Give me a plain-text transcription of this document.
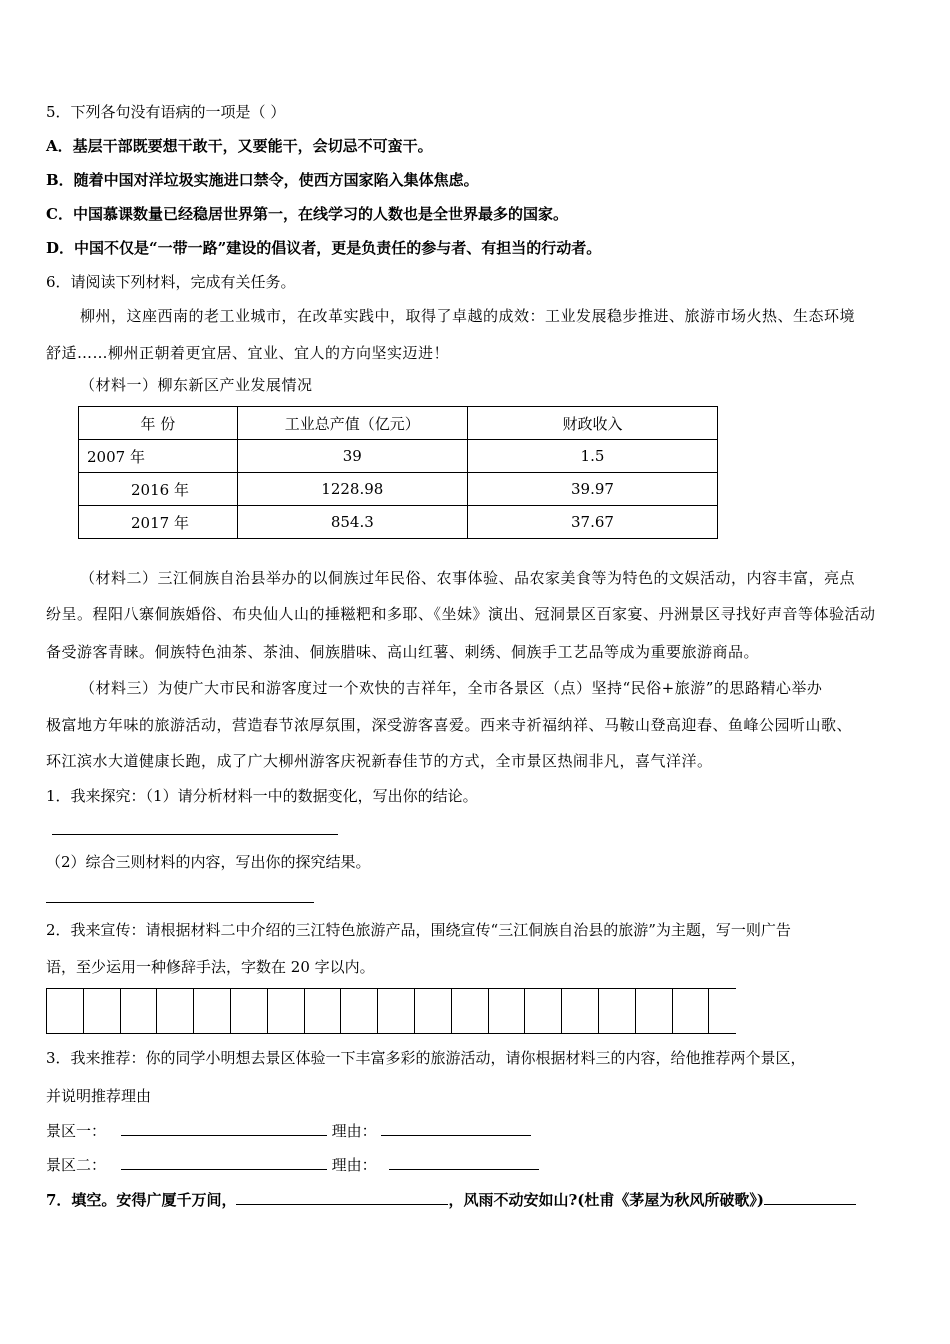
5．下列各句没有语病的一项是（ ）
A．基层干部既要想干敢干，又要能干，会切忌不可蛮干。
B．随着中国对洋垃圾实施进口禁令，使西方国家陷入集体焦虑。
C．中国慕课数量已经稳居世界第一，在线学习的人数也是全世界最多的国家。
D．中国不仅是“一带一路”建设的倡议者，更是负责任的参与者、有担当的行动者。
6．请阅读下列材料，完成有关任务。
柳州，这座西南的老工业城市，在改革实践中，取得了卓越的成效：工业发展稳步推进、旅游市场火热、生态环境
舒适……柳州正朝着更宜居、宜业、宜人的方向坚实迈进！
（材料一）柳东新区产业发展情况
年 份	工业总产值（亿元）	财政收入
2007 年	39	1.5
2016 年	1228.98	39.97
2017 年	854.3	37.67
（材料二）三江侗族自治县举办的以侗族过年民俗、农事体验、品农家美食等为特色的文娱活动，内容丰富，亮点
纷呈。程阳八寨侗族婚俗、布央仙人山的捶糍粑和多耶、《坐妹》演出、冠洞景区百家宴、丹洲景区寻找好声音等体验活动
备受游客青睐。侗族特色油茶、茶油、侗族腊味、高山红薯、刺绣、侗族手工艺品等成为重要旅游商品。
（材料三）为使广大市民和游客度过一个欢快的吉祥年，全市各景区（点）坚持“民俗+旅游”的思路精心举办
极富地方年味的旅游活动，营造春节浓厚氛围，深受游客喜爱。西来寺祈福纳祥、马鞍山登高迎春、鱼峰公园听山歌、
环江滨水大道健康长跑，成了广大柳州游客庆祝新春佳节的方式，全市景区热闹非凡，喜气洋洋。
1．我来探究：（1）请分析材料一中的数据变化，写出你的结论。
（2）综合三则材料的内容，写出你的探究结果。
2．我来宣传：请根据材料二中介绍的三江特色旅游产品，围绕宣传“三江侗族自治县的旅游”为主题，写一则广告
语，至少运用一种修辞手法，字数在 20 字以内。
3．我来推荐：你的同学小明想去景区体验一下丰富多彩的旅游活动，请你根据材料三的内容，给他推荐两个景区，
并说明推荐理由
景区一：	理由：
景区二：	理由：
7．填空。安得广厦千万间，	，风雨不动安如山?(杜甫《茅屋为秋风所破歌》)
